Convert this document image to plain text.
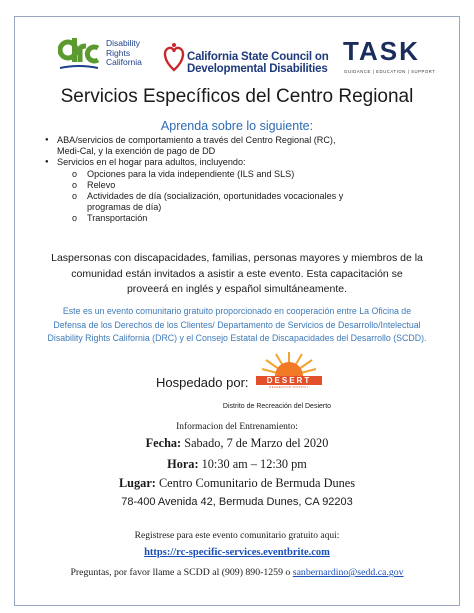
Disability
Rights
California	California State Council on
Developmental Disabilities
TASK
GUIDANCE | EDUCATION | SUPPORT
Servicios Específicos del Centro Regional
Aprenda sobre lo siguiente:
● ABA/servicios de comportamiento a través del Centro Regional (RC),
Medi-Cal, y la exención de pago de DD
● Servicios en el hogar para adultos, incluyendo:
o Opciones para la vida independiente (ILS and SLS)
o Relevo
o Actividades de día (socialización, oportunidades vocacionales y
programas de día)
o Transportación
Laspersonas con discapacidades, familias, personas mayores y miembros de la
comunidad están invitados a asistir a este evento. Esta capacitación se
proveerá en inglés y español simultáneamente.
Este es un evento comunitario gratuito proporcionado en cooperación entre La Oficina de
Defensa de los Derechos de los Clientes/ Departamento de Servicios de Desarrollo/Intelectual
Disability Rights California (DRC) y el Consejo Estatal de Discapacidades del Desarrollo (SCDD).
Hospedado por:	DESERT
RECREATION DISTRICT
Distrito de Recreación del Desierto
Informacion del Entrenamiento:
Fecha: Sabado, 7 de Marzo del 2020
Hora: 10:30 am – 12:30 pm
Lugar: Centro Comunitario de Bermuda Dunes
78-400 Avenida 42, Bermuda Dunes, CA 92203
Registrese para este evento comunitario gratuito aqui:
https://rc-specific-services.eventbrite.com
Preguntas, por favor llame a SCDD al (909) 890-1259 o sanbernardino@sedd.ca.gov
